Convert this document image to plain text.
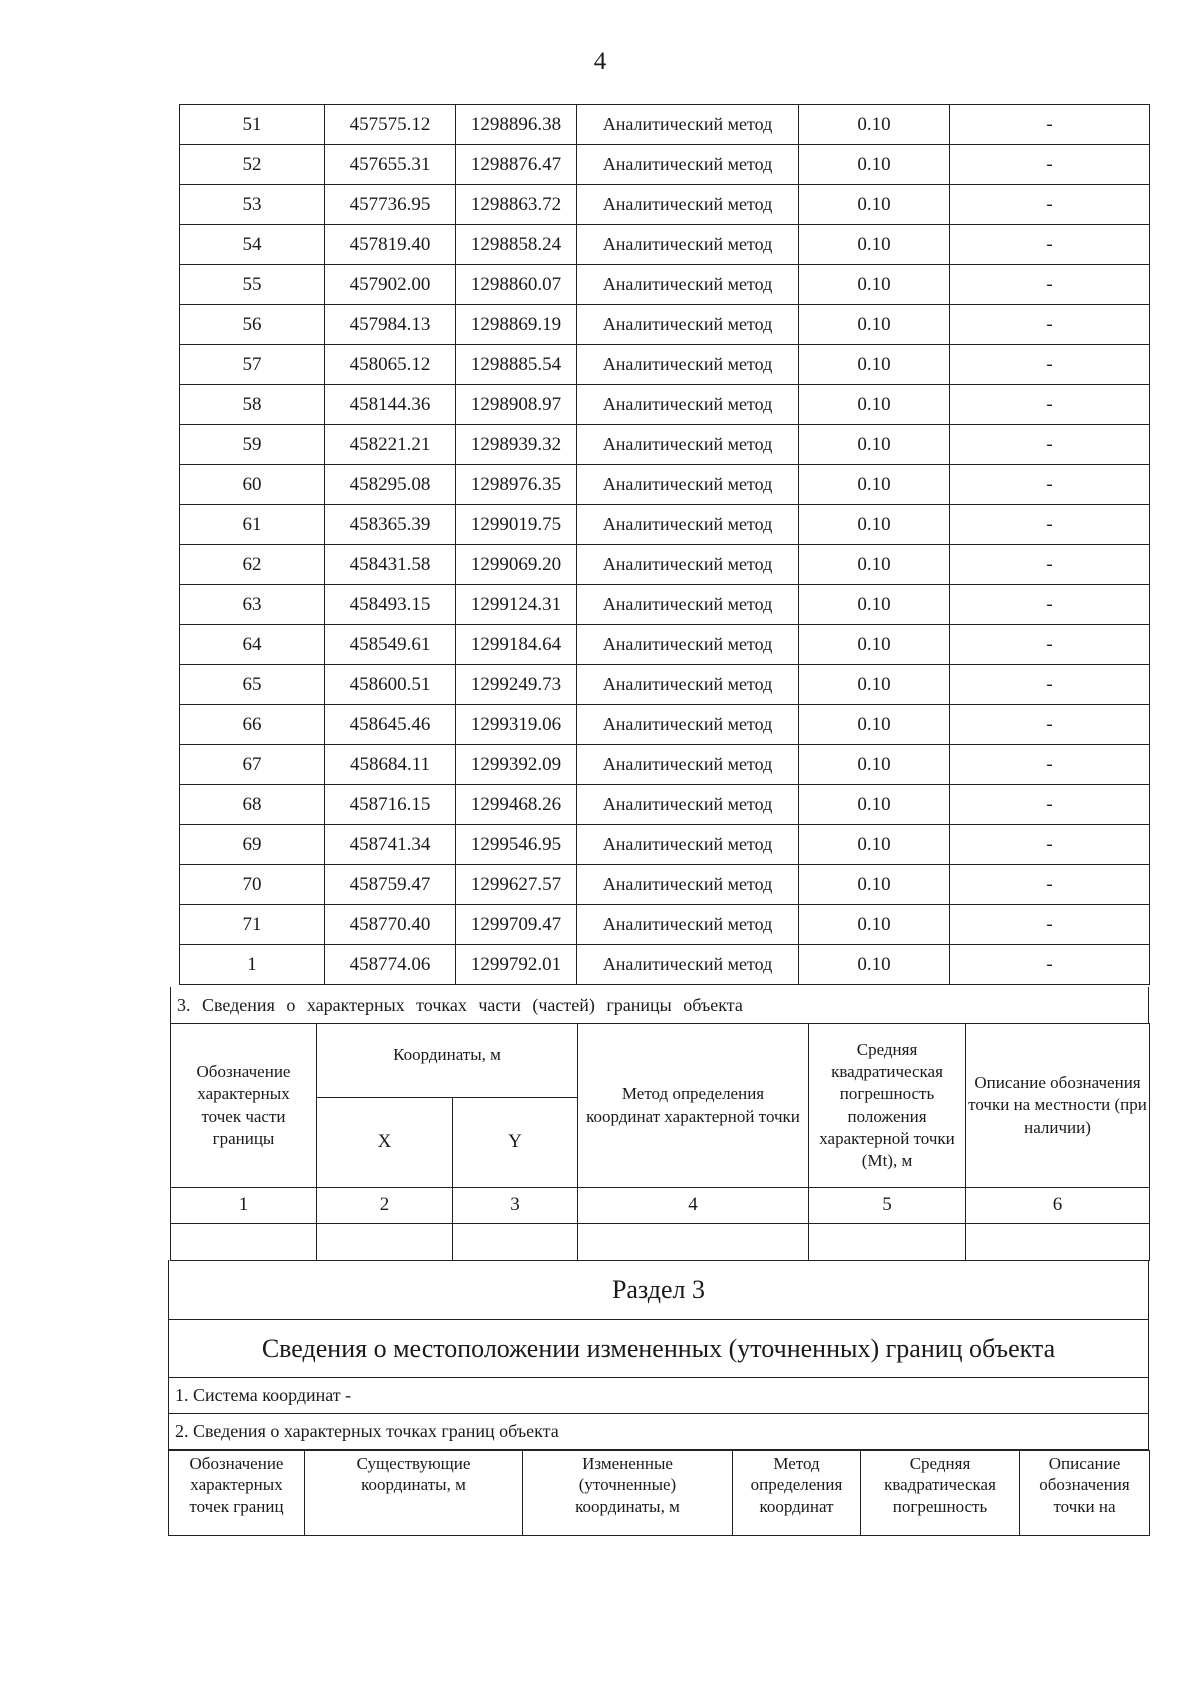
4
51	457575.12	1298896.38	Аналитический метод	0.10	-
52	457655.31	1298876.47	Аналитический метод	0.10	-
53	457736.95	1298863.72	Аналитический метод	0.10	-
54	457819.40	1298858.24	Аналитический метод	0.10	-
55	457902.00	1298860.07	Аналитический метод	0.10	-
56	457984.13	1298869.19	Аналитический метод	0.10	-
57	458065.12	1298885.54	Аналитический метод	0.10	-
58	458144.36	1298908.97	Аналитический метод	0.10	-
59	458221.21	1298939.32	Аналитический метод	0.10	-
60	458295.08	1298976.35	Аналитический метод	0.10	-
61	458365.39	1299019.75	Аналитический метод	0.10	-
62	458431.58	1299069.20	Аналитический метод	0.10	-
63	458493.15	1299124.31	Аналитический метод	0.10	-
64	458549.61	1299184.64	Аналитический метод	0.10	-
65	458600.51	1299249.73	Аналитический метод	0.10	-
66	458645.46	1299319.06	Аналитический метод	0.10	-
67	458684.11	1299392.09	Аналитический метод	0.10	-
68	458716.15	1299468.26	Аналитический метод	0.10	-
69	458741.34	1299546.95	Аналитический метод	0.10	-
70	458759.47	1299627.57	Аналитический метод	0.10	-
71	458770.40	1299709.47	Аналитический метод	0.10	-
1	458774.06	1299792.01	Аналитический метод	0.10	-
3. Сведения о характерных точках части (частей) границы объекта
Обозначение характерных точек части границы	Координаты, м		Метод определения координат характерной точки	Средняя квадратическая погрешность положения характерной точки (Mt), м	Описание обозначения точки на местности (при наличии)
	X	Y			
1	2	3	4	5	6

Раздел 3
Сведения о местоположении измененных (уточненных) границ объекта
1. Система координат -
2. Сведения о характерных точках границ объекта
Обозначение характерных точек границ	Существующие координаты, м	Измененные (уточненные) координаты, м	Метод определения координат	Средняя квадратическая погрешность	Описание обозначения точки на
